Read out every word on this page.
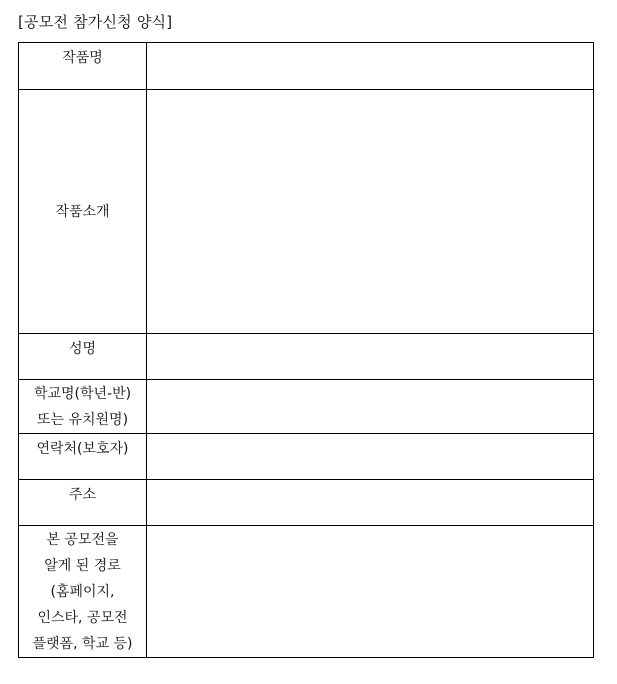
[공모전 참가신청 양식]
작품명	

작품소개	

성명	

학교명(학년-반)
또는 유치원명)	

연락처(보호자)	

주소	

본 공모전을
알게 된 경로
(홈페이지,
인스타, 공모전
플랫폼, 학교 등)	
